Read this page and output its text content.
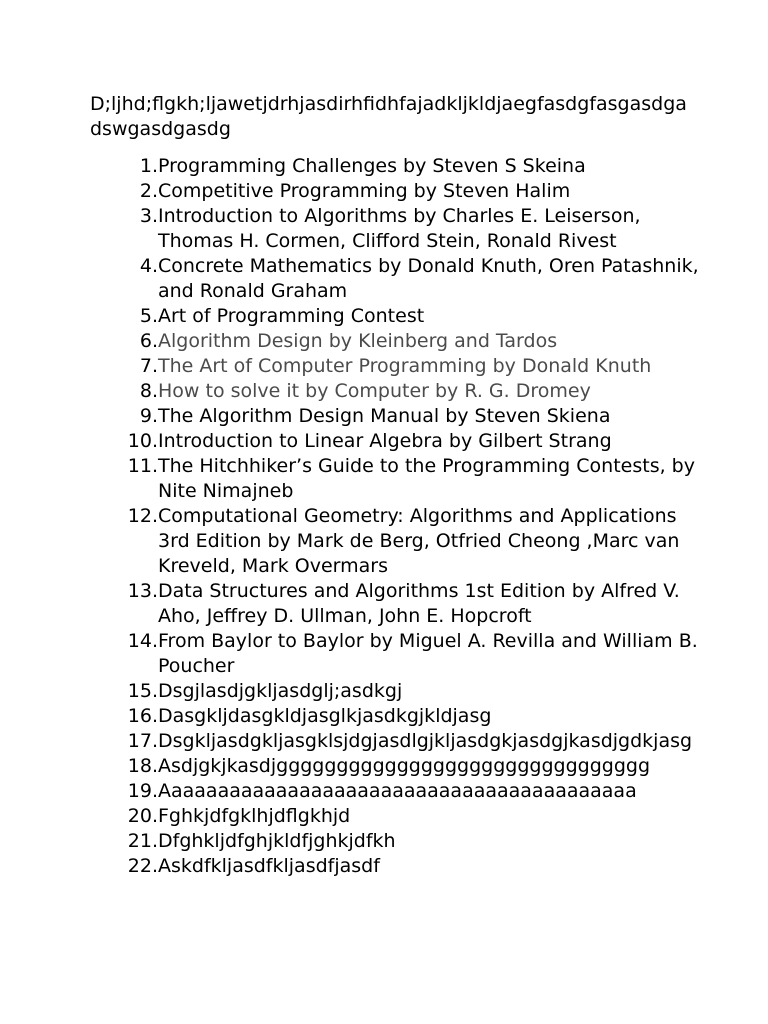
D;ljhd;flgkh;ljawetjdrhjasdirhfidhfajadkljkldjaegfasdgfasgasdgadswgasdgasdg
1. Programming Challenges by Steven S Skeina
2. Competitive Programming by Steven Halim
3. Introduction to Algorithms by Charles E. Leiserson, Thomas H. Cormen, Clifford Stein, Ronald Rivest
4. Concrete Mathematics by Donald Knuth, Oren Patashnik, and Ronald Graham
5. Art of Programming Contest
6. Algorithm Design by Kleinberg and Tardos
7. The Art of Computer Programming by Donald Knuth
8. How to solve it by Computer by R. G. Dromey
9. The Algorithm Design Manual by Steven Skiena
10. Introduction to Linear Algebra by Gilbert Strang
11. The Hitchhiker’s Guide to the Programming Contests, by Nite Nimajneb
12. Computational Geometry: Algorithms and Applications 3rd Edition by Mark de Berg, Otfried Cheong ,Marc van Kreveld, Mark Overmars
13. Data Structures and Algorithms 1st Edition by Alfred V. Aho, Jeffrey D. Ullman, John E. Hopcroft
14. From Baylor to Baylor by Miguel A. Revilla and William B. Poucher
15. Dsgjlasdjgkljasdglj;asdkgj
16. Dasgkljdasgkldjasglkjasdkgjkldjasg
17. Dsgkljasdgkljasgklsjdgjasdlgjkljasdgkjasdgjkasdjgdkjasg
18. Asdjgkjkasdjggggggggggggggggggggggggggggggg
19. Aaaaaaaaaaaaaaaaaaaaaaaaaaaaaaaaaaaaaaaaa
20. Fghkjdfgklhjdflgkhjd
21. Dfghkljdfghjkldfjghkjdfkh
22. Askdfkljasdfkljasdfjasdf
